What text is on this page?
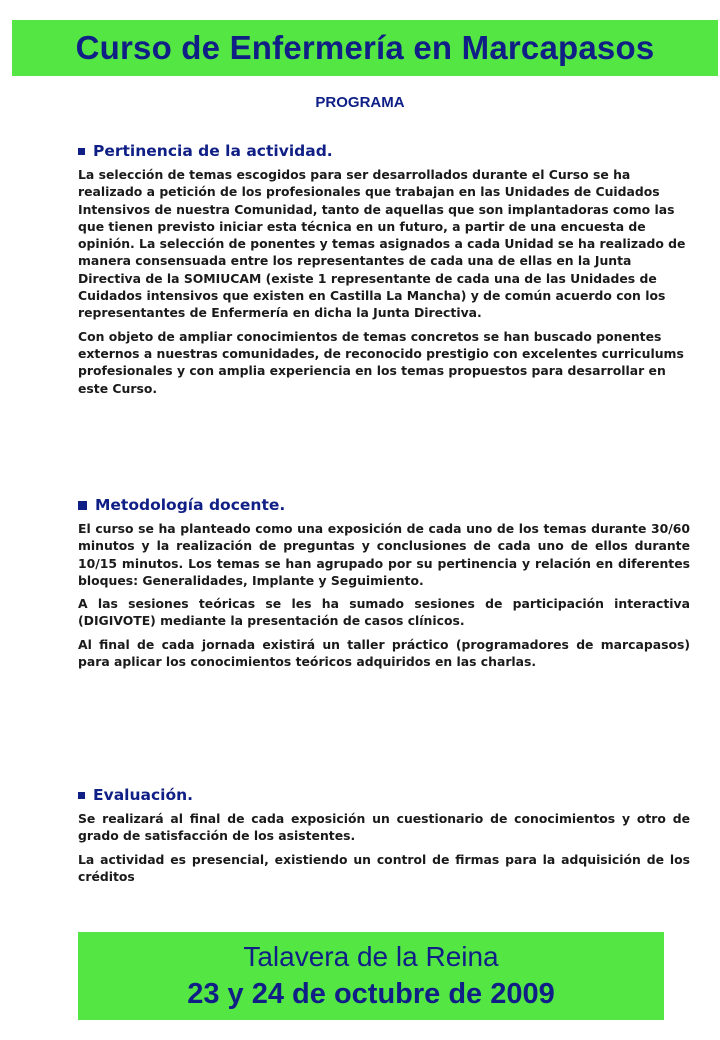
Curso de Enfermería en Marcapasos
PROGRAMA
Pertinencia de la actividad.

La selección de temas escogidos para ser desarrollados durante el Curso se ha realizado a petición de los profesionales que trabajan en las Unidades de Cuidados Intensivos de nuestra Comunidad, tanto de aquellas que son implantadoras como las que tienen previsto iniciar esta técnica en un futuro, a partir de una encuesta de opinión. La selección de ponentes y temas asignados a cada Unidad se ha realizado de manera consensuada entre los representantes de cada una de ellas en la Junta Directiva de la SOMIUCAM (existe 1 representante de cada una de las Unidades de Cuidados intensivos que existen en Castilla La Mancha) y de común acuerdo con los representantes de Enfermería en dicha la Junta Directiva.

Con objeto de ampliar conocimientos de temas concretos se han buscado ponentes externos a nuestras comunidades, de reconocido prestigio con excelentes curriculums profesionales y con amplia experiencia en los temas propuestos para desarrollar en este Curso.

Metodología docente.

El curso se ha planteado como una exposición de cada uno de los temas durante 30/60 minutos y la realización de preguntas y conclusiones de cada uno de ellos durante 10/15 minutos. Los temas se han agrupado por su pertinencia y relación en diferentes bloques: Generalidades, Implante y Seguimiento.

A las sesiones teóricas se les ha sumado sesiones de participación interactiva (DIGIVOTE) mediante la presentación de casos clínicos.

Al final de cada jornada existirá un taller práctico (programadores de marcapasos) para aplicar los conocimientos teóricos adquiridos en las charlas.

Evaluación.

Se realizará al final de cada exposición un cuestionario de conocimientos y otro de grado de satisfacción de los asistentes.

La actividad es presencial, existiendo un control de firmas para la adquisición de los créditos

Talavera de la Reina
23 y 24 de octubre de 2009
